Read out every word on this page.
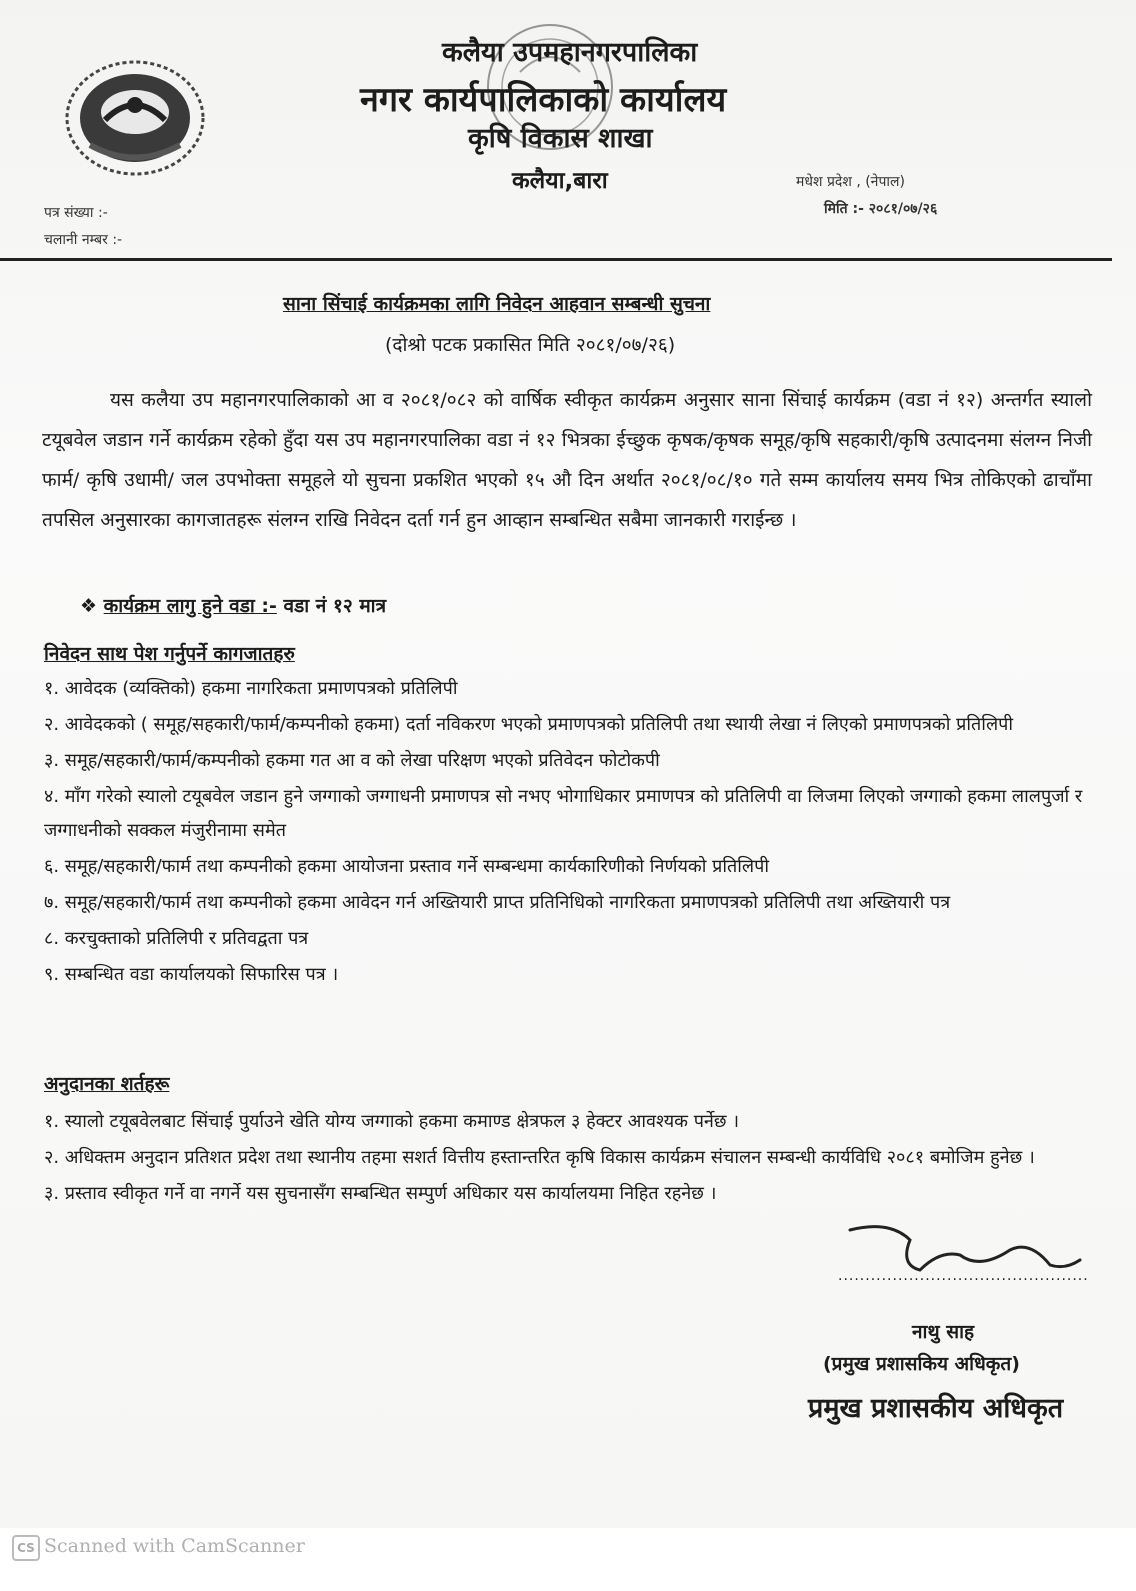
कलैया उपमहानगरपालिका
नगर कार्यपालिकाको कार्यालय
कृषि विकास शाखा
कलैया,बारा	मधेश प्रदेश , (नेपाल)
मिति :- २०८१/०७/२६
पत्र संख्या :-
चलानी नम्बर :-
साना सिंचाई कार्यक्रमका लागि निवेदन आहवान सम्बन्धी सुचना
(दोश्रो पटक प्रकासित मिति २०८१/०७/२६)
यस कलैया उप महानगरपालिकाको आ व २०८१/०८२ को वार्षिक स्वीकृत कार्यक्रम अनुसार साना सिंचाई कार्यक्रम (वडा नं १२) अन्तर्गत स्यालो टयूबवेल जडान गर्ने कार्यक्रम रहेको हुँदा यस उप महानगरपालिका वडा नं १२ भित्रका ईच्छुक कृषक/कृषक समूह/कृषि सहकारी/कृषि उत्पादनमा संलग्न निजी फार्म/ कृषि उधामी/ जल उपभोक्ता समूहले यो सुचना प्रकशित भएको १५ औ दिन अर्थात २०८१/०८/१० गते सम्म कार्यालय समय भित्र तोकिएको ढाचाँमा तपसिल अनुसारका कागजातहरू संलग्न राखि निवेदन दर्ता गर्न हुन आव्हान सम्बन्धित सबैमा जानकारी गराईन्छ ।
❖ कार्यक्रम लागु हुने वडा :- वडा नं १२ मात्र
निवेदन साथ पेश गर्नुपर्ने कागजातहरु
१. आवेदक (व्यक्तिको) हकमा नागरिकता प्रमाणपत्रको प्रतिलिपी
२. आवेदकको ( समूह/सहकारी/फार्म/कम्पनीको हकमा) दर्ता नविकरण भएको प्रमाणपत्रको प्रतिलिपी तथा स्थायी लेखा नं लिएको प्रमाणपत्रको प्रतिलिपी
३. समूह/सहकारी/फार्म/कम्पनीको हकमा गत आ व को लेखा परिक्षण भएको प्रतिवेदन फोटोकपी
४. माँग गरेको स्यालो टयूबवेल जडान हुने जग्गाको जग्गाधनी प्रमाणपत्र सो नभए भोगाधिकार प्रमाणपत्र को प्रतिलिपी वा लिजमा लिएको जग्गाको हकमा लालपुर्जा र जग्गाधनीको सक्कल मंजुरीनामा समेत
६. समूह/सहकारी/फार्म तथा कम्पनीको हकमा आयोजना प्रस्ताव गर्ने सम्बन्धमा कार्यकारिणीको निर्णयको प्रतिलिपी
७. समूह/सहकारी/फार्म तथा कम्पनीको हकमा आवेदन गर्न अख्तियारी प्राप्त प्रतिनिधिको नागरिकता प्रमाणपत्रको प्रतिलिपी तथा अख्तियारी पत्र
८. करचुक्ताको प्रतिलिपी र प्रतिवद्वता पत्र
९. सम्बन्धित वडा कार्यालयको सिफारिस पत्र ।
अनुदानका शर्तहरू
१. स्यालो टयूबवेलबाट सिंचाई पुर्याउने खेति योग्य जग्गाको हकमा कमाण्ड क्षेत्रफल ३ हेक्टर आवश्यक पर्नेछ ।
२. अधिक्तम अनुदान प्रतिशत प्रदेश तथा स्थानीय तहमा सशर्त वित्तीय हस्तान्तरित कृषि विकास कार्यक्रम संचालन सम्बन्धी कार्यविधि २०८१ बमोजिम हुनेछ ।
३. प्रस्ताव स्वीकृत गर्ने वा नगर्ने यस सुचनासँग सम्बन्धित सम्पुर्ण अधिकार यस कार्यालयमा निहित रहनेछ ।
..............................................
नाथु साह
(प्रमुख प्रशासकिय अधिकृत)
प्रमुख प्रशासकीय अधिकृत
CS Scanned with CamScanner
